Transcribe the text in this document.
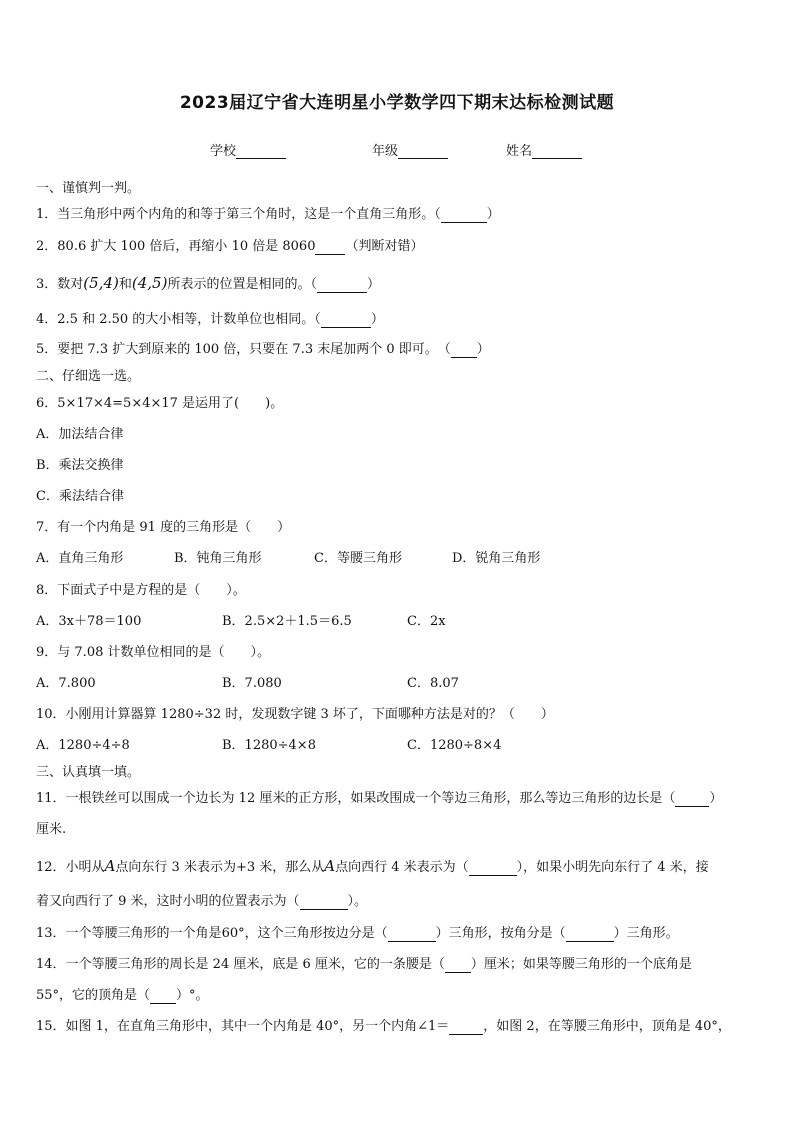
2023届辽宁省大连明星小学数学四下期末达标检测试题
学校	年级	姓名
一、谨慎判一判。
1．当三角形中两个内角的和等于第三个角时，这是一个直角三角形。（	）
2．80.6 扩大 100 倍后，再缩小 10 倍是 8060 （判断对错）
3．数对(5,4)和(4,5)所表示的位置是相同的。（	）
4．2.5 和 2.50 的大小相等，计数单位也相同。（	）
5．要把 7.3 扩大到原来的 100 倍，只要在 7.3 末尾加两个 0 即可。　（ ）
二、仔细选一选。
6．5×17×4=5×4×17 是运用了(　　)。
A．加法结合律
B．乘法交换律
C．乘法结合律
7．有一个内角是 91 度的三角形是（　　）
A．直角三角形	B．钝角三角形	C．等腰三角形	D．锐角三角形
8．下面式子中是方程的是（　　）。
A．3x＋78＝100	B．2.5×2＋1.5＝6.5	C．2x
9．与 7.08 计数单位相同的是（　　）。
A．7.800	B．7.080	C．8.07
10．小刚用计算器算 1280÷32 时，发现数字键 3 坏了，下面哪种方法是对的？（　　）
A．1280÷4÷8	B．1280÷4×8	C．1280÷8×4
三、认真填一填。
11．一根铁丝可以围成一个边长为 12 厘米的正方形，如果改围成一个等边三角形，那么等边三角形的边长是（	）
厘米.
12．小明从A点向东行 3 米表示为+3 米，那么从A点向西行 4 米表示为（	），如果小明先向东行了 4 米，接
着又向西行了 9 米，这时小明的位置表示为（	）。
13．一个等腰三角形的一个角是60°，这个三角形按边分是（	）三角形，按角分是（	）三角形。
14．一个等腰三角形的周长是 24 厘米，底是 6 厘米，它的一条腰是（ ）厘米；如果等腰三角形的一个底角是
55°，它的顶角是（ ）°。
15．如图 1，在直角三角形中，其中一个内角是 40°，另一个内角∠1＝	，如图 2，在等腰三角形中，顶角是 40°，
